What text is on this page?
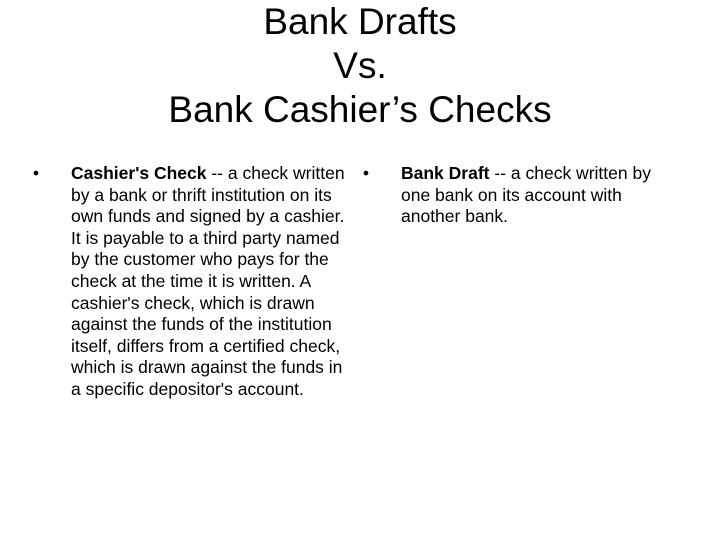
Bank Drafts
Vs.
Bank Cashier’s Checks
• Cashier's Check -- a check written by a bank or thrift institution on its own funds and signed by a cashier. It is payable to a third party named by the customer who pays for the check at the time it is written. A cashier's check, which is drawn against the funds of the institution itself, differs from a certified check, which is drawn against the funds in a specific depositor's account.
• Bank Draft -- a check written by one bank on its account with another bank.
